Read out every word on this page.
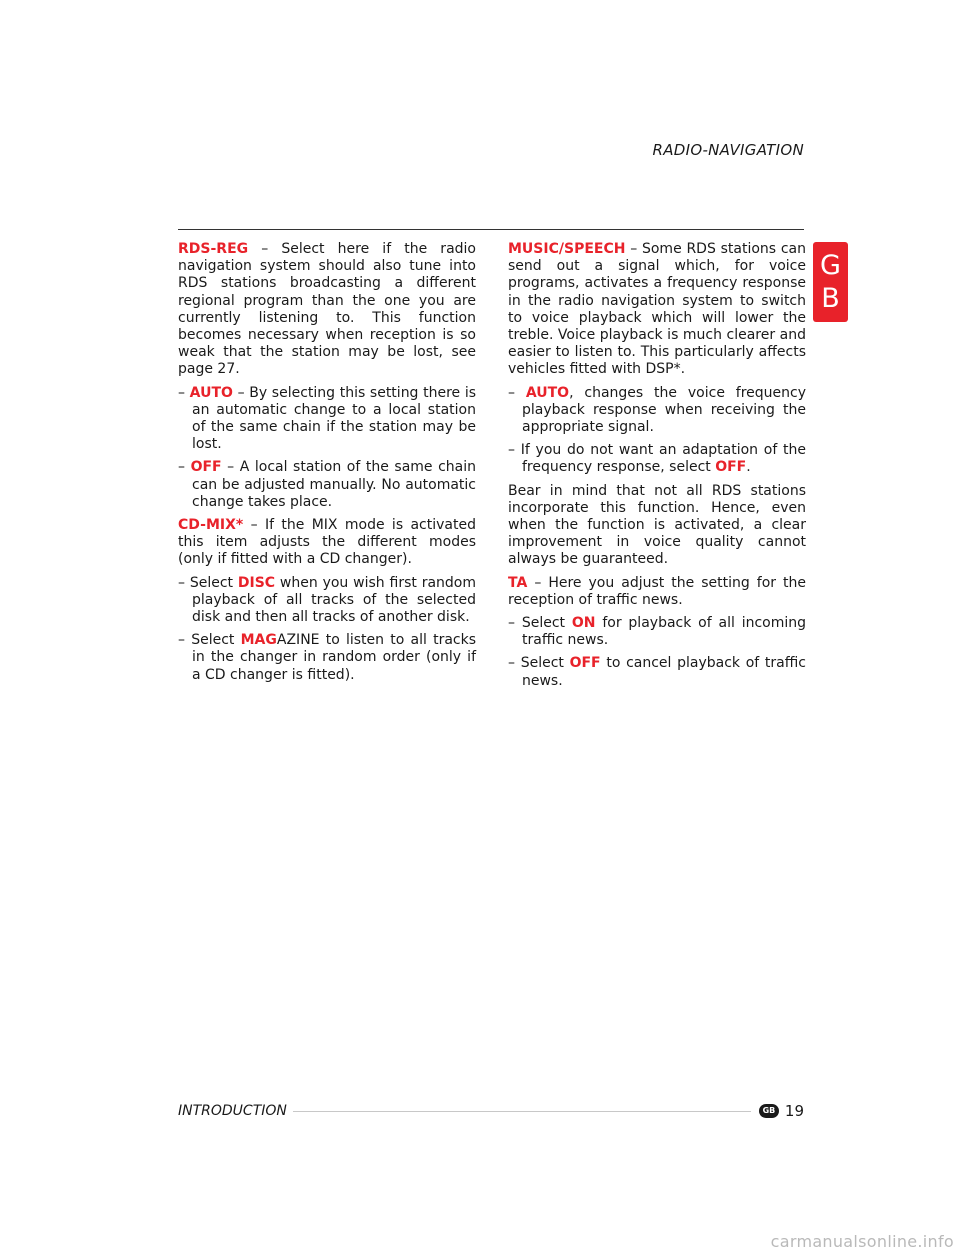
RADIO-NAVIGATION
G
B

RDS-REG – Select here if the radio navigation system should also tune into RDS stations broadcasting a different regional program than the one you are currently listening to. This function becomes necessary when reception is so weak that the station may be lost, see page 27.

– AUTO – By selecting this setting there is an automatic change to a local station of the same chain if the station may be lost.

– OFF – A local station of the same chain can be adjusted manually. No automatic change takes place.

CD-MIX* – If the MIX mode is activated this item adjusts the different modes (only if fitted with a CD changer).

– Select DISC when you wish first random playback of all tracks of the selected disk and then all tracks of another disk.

– Select MAGAZINE to listen to all tracks in the changer in random order (only if a CD changer is fitted).

MUSIC/SPEECH – Some RDS stations can send out a signal which, for voice programs, activates a frequency response in the radio navigation system to switch to voice playback which will lower the treble. Voice playback is much clearer and easier to listen to. This particularly affects vehicles fitted with DSP*.

– AUTO, changes the voice frequency playback response when receiving the appropriate signal.

– If you do not want an adaptation of the frequency response, select OFF.

Bear in mind that not all RDS stations incorporate this function. Hence, even when the function is activated, a clear improvement in voice quality cannot always be guaranteed.

TA – Here you adjust the setting for the reception of traffic news.

– Select ON for playback of all incoming traffic news.

– Select OFF to cancel playback of traffic news.

INTRODUCTION	GB 19
carmanualsonline.info
